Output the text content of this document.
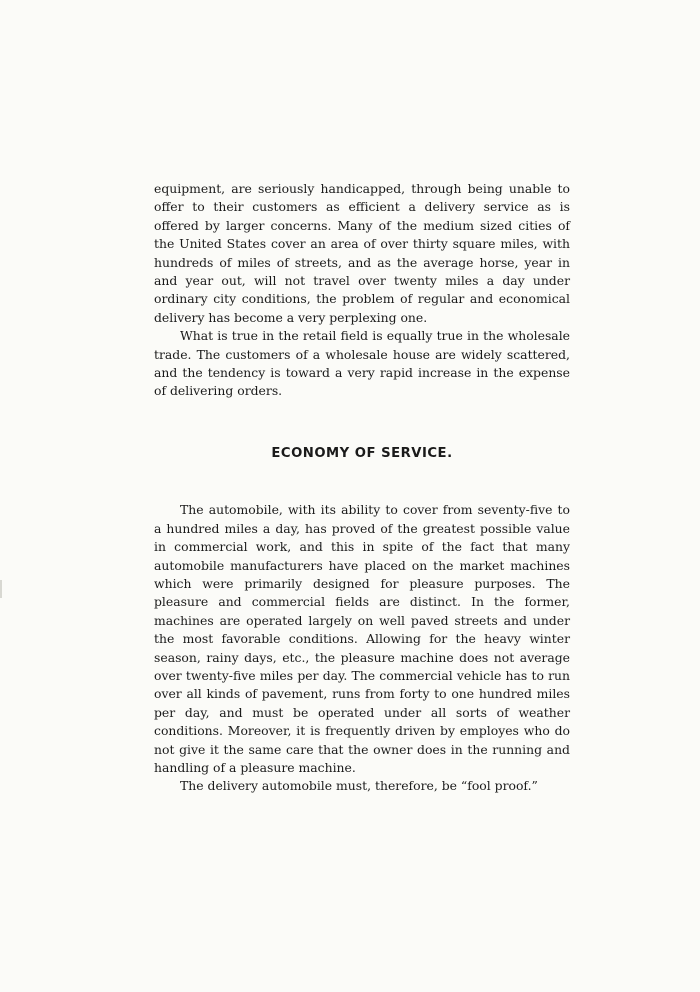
equipment, are seriously handicapped, through being unable to offer to their customers as efficient a delivery service as is offered by larger concerns. Many of the medium sized cities of the United States cover an area of over thirty square miles, with hundreds of miles of streets, and as the average horse, year in and year out, will not travel over twenty miles a day under ordinary city conditions, the problem of regular and economical delivery has become a very perplexing one.

What is true in the retail field is equally true in the wholesale trade. The customers of a wholesale house are widely scattered, and the tendency is toward a very rapid increase in the expense of delivering orders.

ECONOMY OF SERVICE.

The automobile, with its ability to cover from seventy-five to a hundred miles a day, has proved of the greatest possible value in commercial work, and this in spite of the fact that many automobile manufacturers have placed on the market machines which were primarily designed for pleasure purposes. The pleasure and commercial fields are distinct. In the former, machines are operated largely on well paved streets and under the most favorable conditions. Allowing for the heavy winter season, rainy days, etc., the pleasure machine does not average over twenty-five miles per day. The commercial vehicle has to run over all kinds of pavement, runs from forty to one hundred miles per day, and must be operated under all sorts of weather conditions. Moreover, it is frequently driven by employes who do not give it the same care that the owner does in the running and handling of a pleasure machine.

The delivery automobile must, therefore, be “fool proof.”
